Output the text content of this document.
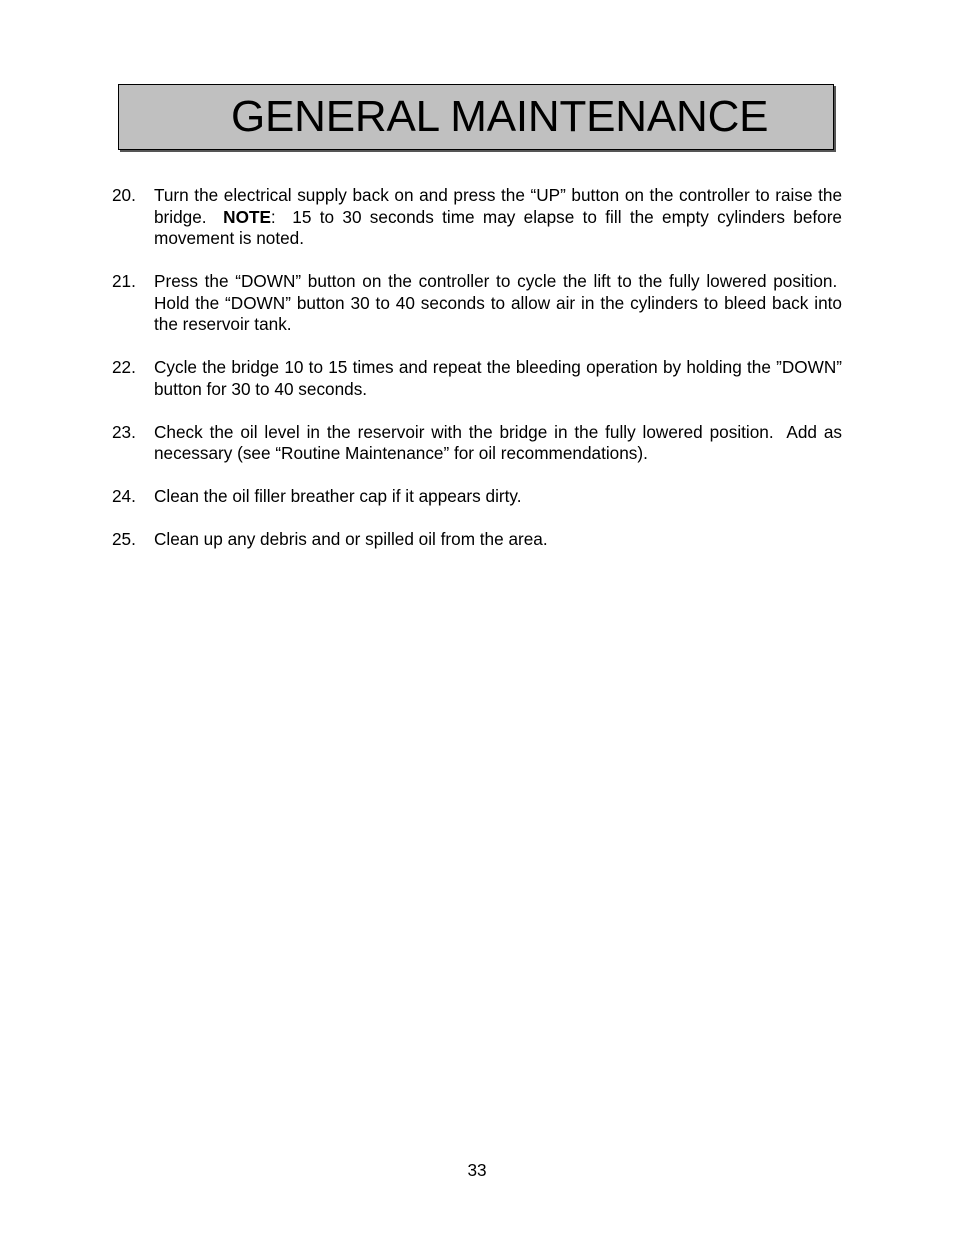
GENERAL MAINTENANCE
20. Turn the electrical supply back on and press the “UP” button on the controller to raise the bridge.  NOTE:  15 to 30 seconds time may elapse to fill the empty cylinders before movement is noted.
21. Press the “DOWN” button on the controller to cycle the lift to the fully lowered position.  Hold the “DOWN” button 30 to 40 seconds to allow air in the cylinders to bleed back into the reservoir tank.
22. Cycle the bridge 10 to 15 times and repeat the bleeding operation by holding the ”DOWN” button for 30 to 40 seconds.
23. Check the oil level in the reservoir with the bridge in the fully lowered position.  Add as necessary (see “Routine Maintenance” for oil recommendations).
24. Clean the oil filler breather cap if it appears dirty.
25. Clean up any debris and or spilled oil from the area.
33
